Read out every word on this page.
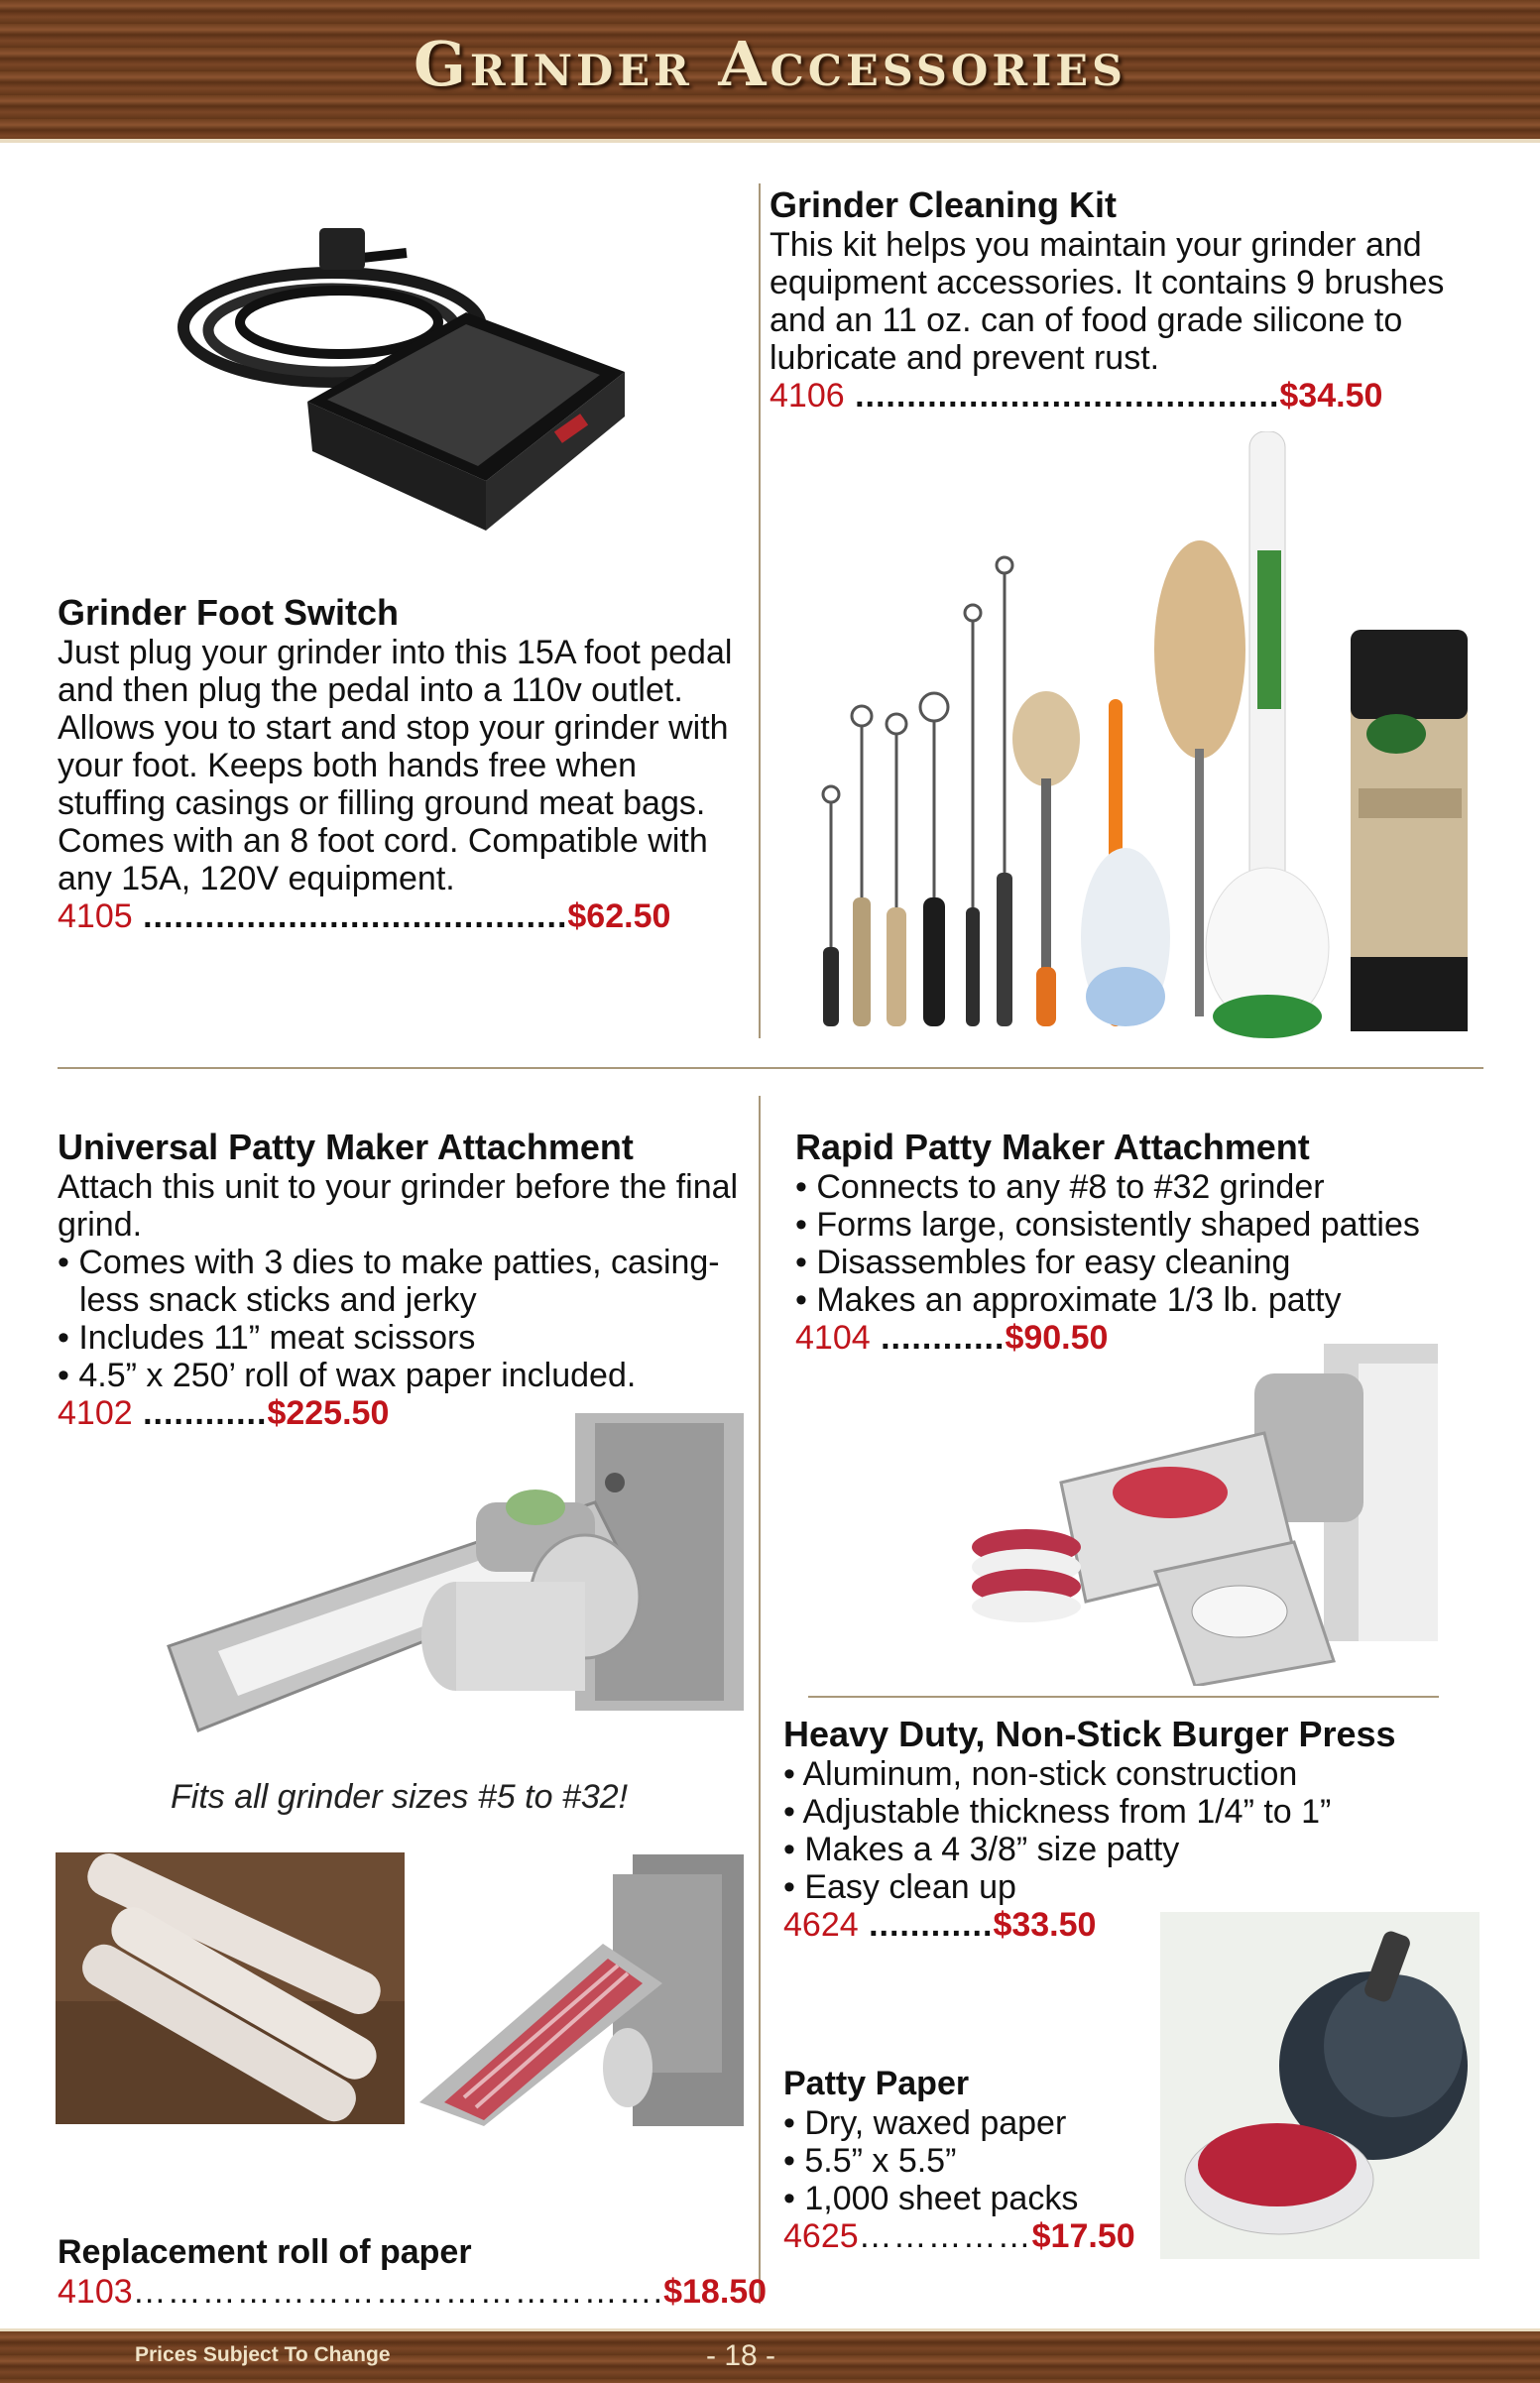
Grinder Accessories
Grinder Foot Switch

Just plug your grinder into this 15A foot pedal and then plug the pedal into a 110v outlet. Allows you to start and stop your grinder with your foot. Keeps both hands free when stuffing casings or filling ground meat bags. Comes with an 8 foot cord. Compatible with any 15A, 120V equipment.

4105 .........................................$62.50

Grinder Cleaning Kit

This kit helps you maintain your grinder and equipment accessories. It contains 9 brushes and an 11 oz. can of food grade silicone to lubricate and prevent rust.

4106 .........................................$34.50

Universal Patty Maker Attachment

Attach this unit to your grinder before the final grind.

• Comes with 3 dies to make patties, casing-less snack sticks and jerky
• Includes 11” meat scissors
• 4.5” x 250’ roll of wax paper included.

4102 ............$225.50

Fits all grinder sizes #5 to #32!
Replacement roll of paper

4103……………………………………….$18.50

Rapid Patty Maker Attachment
• Connects to any #8 to #32 grinder
• Forms large, consistently shaped patties
• Disassembles for easy cleaning
• Makes an approximate 1/3 lb. patty

4104 ............$90.50

Heavy Duty, Non-Stick Burger Press
• Aluminum, non-stick construction
• Adjustable thickness from 1/4” to 1”
• Makes a 4 3/8” size patty
• Easy clean up

4624 ............$33.50

Patty Paper
• Dry, waxed paper
• 5.5” x 5.5”
• 1,000 sheet packs

4625……………$17.50

Prices Subject To Change	- 18 -
